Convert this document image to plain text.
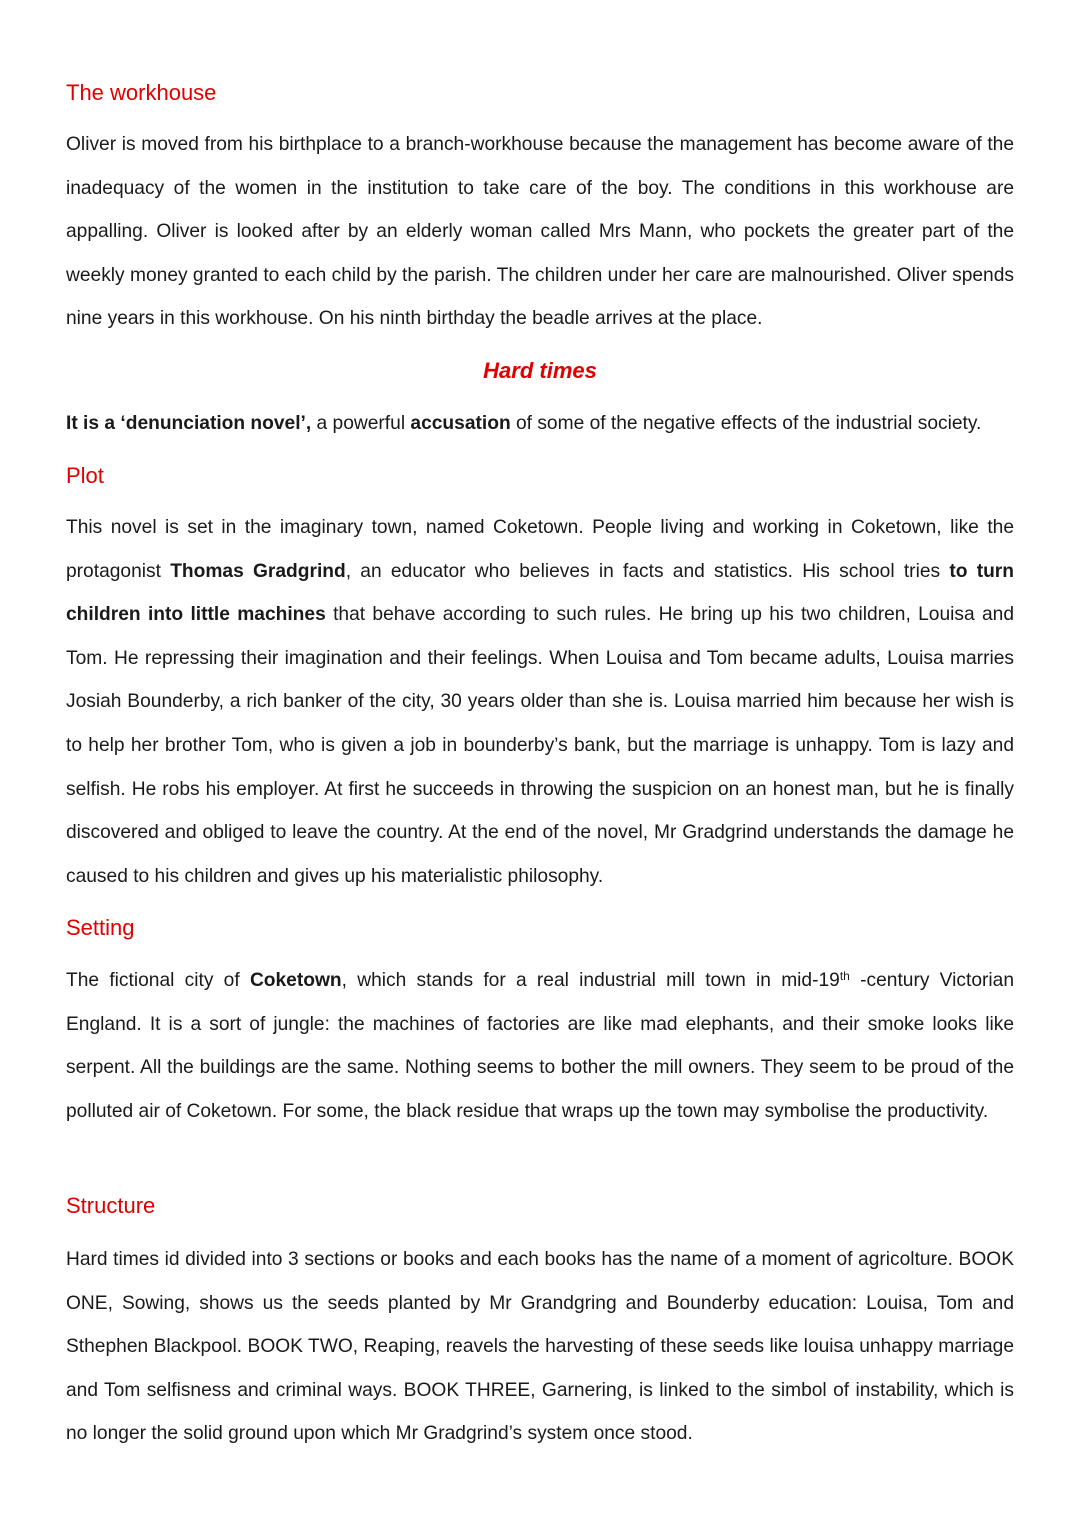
The workhouse

Oliver is moved from his birthplace to a branch-workhouse because the management has become aware of the inadequacy of the women in the institution to take care of the boy. The conditions in this workhouse are appalling. Oliver is looked after by an elderly woman called Mrs Mann, who pockets the greater part of the weekly money granted to each child by the parish. The children under her care are malnourished. Oliver spends nine years in this workhouse. On his ninth birthday the beadle arrives at the place.

Hard times

It is a ‘denunciation novel’, a powerful accusation of some of the negative effects of the industrial society.

Plot

This novel is set in the imaginary town, named Coketown. People living and working in Coketown, like the protagonist Thomas Gradgrind, an educator who believes in facts and statistics. His school tries to turn children into little machines that behave according to such rules. He bring up his two children, Louisa and Tom. He repressing their imagination and their feelings. When Louisa and Tom became adults, Louisa marries Josiah Bounderby, a rich banker of the city, 30 years older than she is. Louisa married him because her wish is to help her brother Tom, who is given a job in bounderby’s bank, but the marriage is unhappy. Tom is lazy and selfish. He robs his employer. At first he succeeds in throwing the suspicion on an honest man, but he is finally discovered and obliged to leave the country. At the end of the novel, Mr Gradgrind understands the damage he caused to his children and gives up his materialistic philosophy.

Setting

The fictional city of Coketown, which stands for a real industrial mill town in mid-19th -century Victorian England. It is a sort of jungle: the machines of factories are like mad elephants, and their smoke looks like serpent. All the buildings are the same. Nothing seems to bother the mill owners. They seem to be proud of the polluted air of Coketown. For some, the black residue that wraps up the town may symbolise the productivity.

Structure

Hard times id divided into 3 sections or books and each books has the name of a moment of agricolture. BOOK ONE, Sowing, shows us the seeds planted by Mr Grandgring and Bounderby education: Louisa, Tom and Sthephen Blackpool. BOOK TWO, Reaping, reavels the harvesting of these seeds like louisa unhappy marriage and Tom selfisness and criminal ways. BOOK THREE, Garnering, is linked to the simbol of instability, which is no longer the solid ground upon which Mr Gradgrind’s system once stood.
